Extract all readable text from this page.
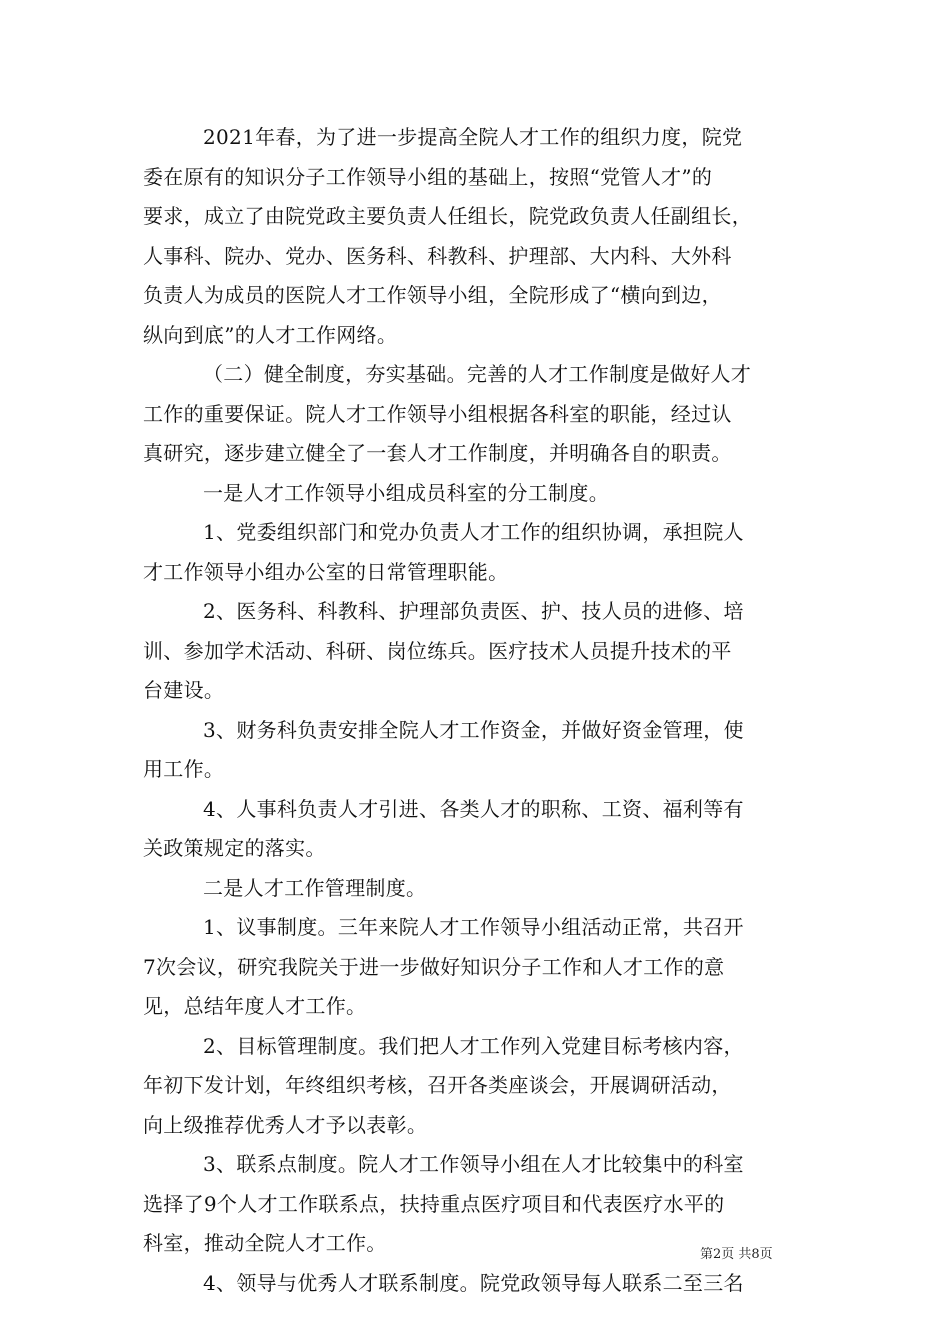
2021年春，为了进一步提高全院人才工作的组织力度，院党
委在原有的知识分子工作领导小组的基础上，按照“党管人才”的
要求，成立了由院党政主要负责人任组长，院党政负责人任副组长，
人事科、院办、党办、医务科、科教科、护理部、大内科、大外科
负责人为成员的医院人才工作领导小组，全院形成了“横向到边，
纵向到底”的人才工作网络。
（二）健全制度，夯实基础。完善的人才工作制度是做好人才
工作的重要保证。院人才工作领导小组根据各科室的职能，经过认
真研究，逐步建立健全了一套人才工作制度，并明确各自的职责。
一是人才工作领导小组成员科室的分工制度。
1、党委组织部门和党办负责人才工作的组织协调，承担院人
才工作领导小组办公室的日常管理职能。
2、医务科、科教科、护理部负责医、护、技人员的进修、培
训、参加学术活动、科研、岗位练兵。医疗技术人员提升技术的平
台建设。
3、财务科负责安排全院人才工作资金，并做好资金管理，使
用工作。
4、人事科负责人才引进、各类人才的职称、工资、福利等有
关政策规定的落实。
二是人才工作管理制度。
1、议事制度。三年来院人才工作领导小组活动正常，共召开
7次会议，研究我院关于进一步做好知识分子工作和人才工作的意
见，总结年度人才工作。
2、目标管理制度。我们把人才工作列入党建目标考核内容，
年初下发计划，年终组织考核，召开各类座谈会，开展调研活动，
向上级推荐优秀人才予以表彰。
3、联系点制度。院人才工作领导小组在人才比较集中的科室
选择了9个人才工作联系点，扶持重点医疗项目和代表医疗水平的
科室，推动全院人才工作。
4、领导与优秀人才联系制度。院党政领导每人联系二至三名
第2页 共8页
